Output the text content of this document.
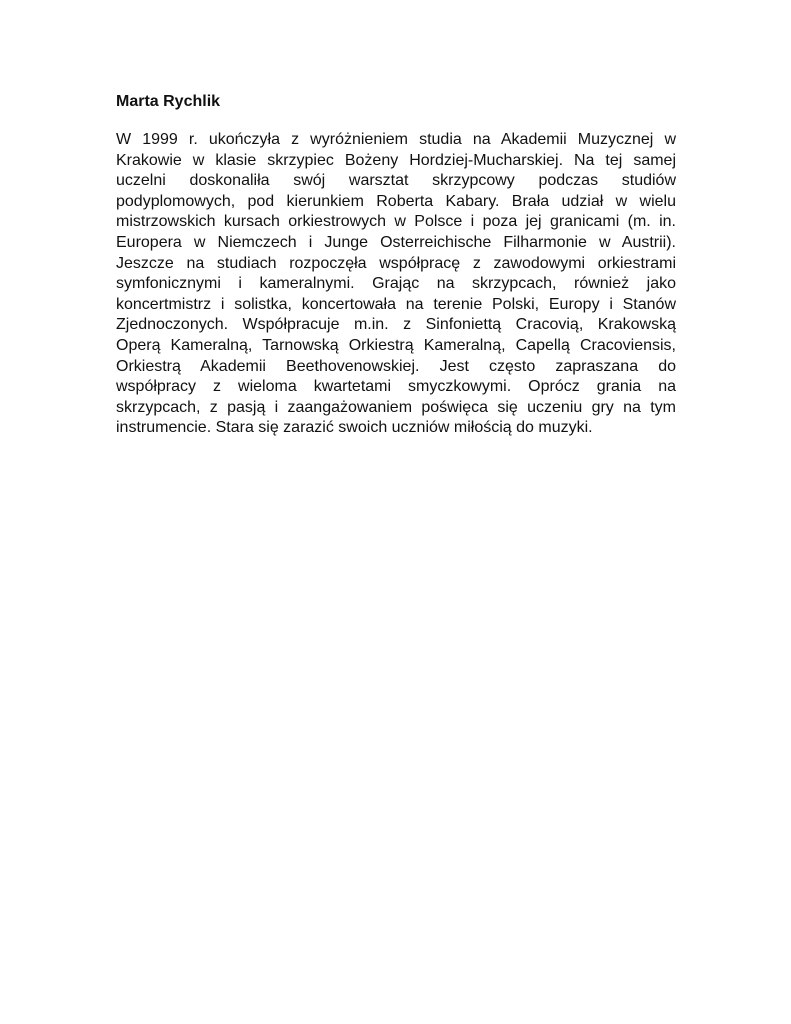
Marta Rychlik
W 1999 r. ukończyła z wyróżnieniem studia na Akademii Muzycznej w
Krakowie w klasie skrzypiec Bożeny Hordziej-Mucharskiej. Na tej samej
uczelni doskonaliła swój warsztat skrzypcowy podczas studiów
podyplomowych, pod kierunkiem Roberta Kabary. Brała udział w wielu
mistrzowskich kursach orkiestrowych w Polsce i poza jej granicami (m. in.
Europera w Niemczech i Junge Osterreichische Filharmonie w Austrii).
Jeszcze na studiach rozpoczęła współpracę z zawodowymi orkiestrami
symfonicznymi i kameralnymi. Grając na skrzypcach, również jako
koncertmistrz i solistka, koncertowała na terenie Polski, Europy i Stanów
Zjednoczonych. Współpracuje m.in. z Sinfoniettą Cracovią, Krakowską
Operą Kameralną, Tarnowską Orkiestrą Kameralną, Capellą Cracoviensis,
Orkiestrą Akademii Beethovenowskiej. Jest często zapraszana do
współpracy z wieloma kwartetami smyczkowymi. Oprócz grania na
skrzypcach, z pasją i zaangażowaniem poświęca się uczeniu gry na tym
instrumencie. Stara się zarazić swoich uczniów miłością do muzyki.
